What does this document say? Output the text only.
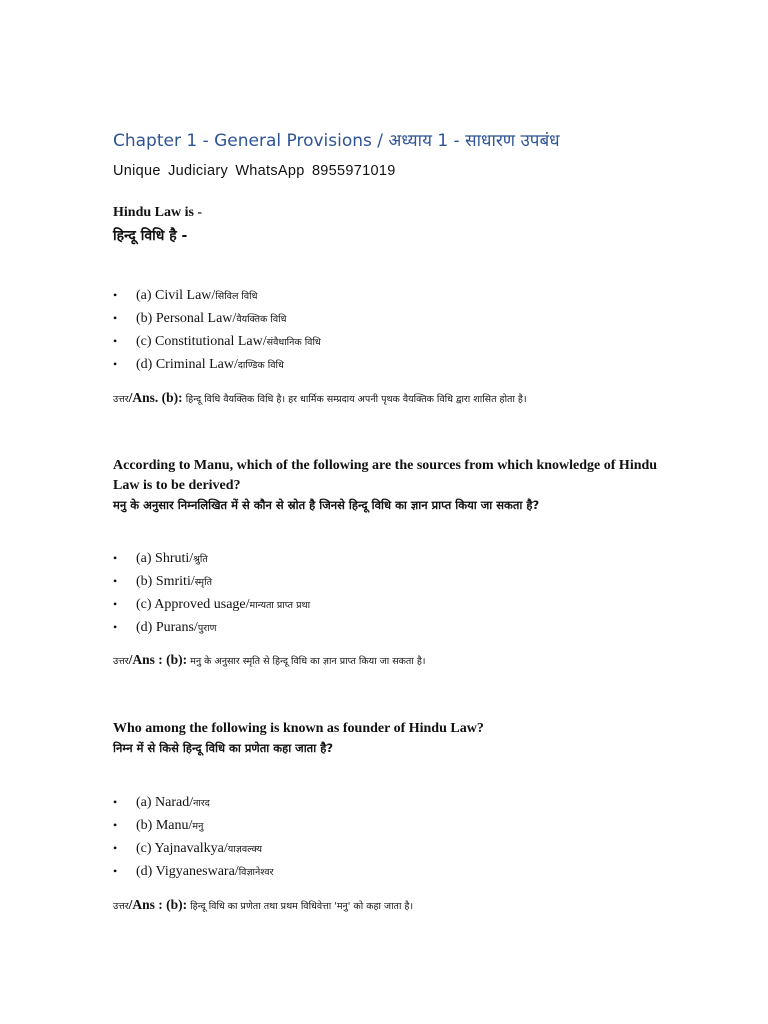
Chapter 1 - General Provisions / अध्याय 1 - साधारण उपबंध
Unique Judiciary WhatsApp 8955971019
Hindu Law is -
हिन्दू विधि है -
• (a) Civil Law/सिविल विधि
• (b) Personal Law/वैयक्तिक विधि
• (c) Constitutional Law/संवैधानिक विधि
• (d) Criminal Law/दाण्डिक विधि
उत्तर/Ans. (b): हिन्दू विधि वैयक्तिक विधि है। हर धार्मिक सम्प्रदाय अपनी पृथक वैयक्तिक विधि द्वारा शासित होता है।
According to Manu, which of the following are the sources from which knowledge of Hindu Law is to be derived?
मनु के अनुसार निम्नलिखित में से कौन से स्रोत है जिनसे हिन्दू विधि का ज्ञान प्राप्त किया जा सकता है?
• (a) Shruti/श्रुति
• (b) Smriti/स्मृति
• (c) Approved usage/मान्यता प्राप्त प्रथा
• (d) Purans/पुराण
उत्तर/Ans : (b): मनु के अनुसार स्मृति से हिन्दू विधि का ज्ञान प्राप्त किया जा सकता है।
Who among the following is known as founder of Hindu Law?
निम्न में से किसे हिन्दू विधि का प्रणेता कहा जाता है?
• (a) Narad/नारद
• (b) Manu/मनु
• (c) Yajnavalkya/याज्ञवल्क्य
• (d) Vigyaneswara/विज्ञानेश्वर
उत्तर/Ans : (b): हिन्दू विधि का प्रणेता तथा प्रथम विधिवेत्ता 'मनु' को कहा जाता है।
